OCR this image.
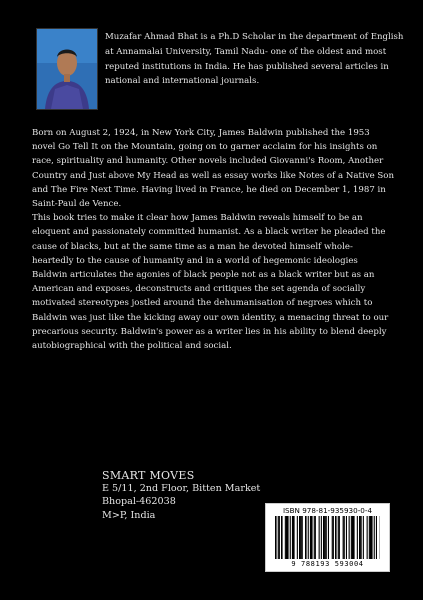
Muzafar Ahmad Bhat is a Ph.D Scholar in the department of English at Annamalai University, Tamil Nadu- one of the oldest and most reputed institutions in India. He has published several articles in national and international journals.

Born on August 2, 1924, in New York City, James Baldwin published the 1953 novel Go Tell It on the Mountain, going on to garner acclaim for his insights on race, spirituality and humanity. Other novels included Giovanni's Room, Another Country and Just above My Head as well as essay works like Notes of a Native Son and The Fire Next Time. Having lived in France, he died on December 1, 1987 in Saint-Paul de Vence.

This book tries to make it clear how James Baldwin reveals himself to be an eloquent and passionately committed humanist. As a black writer he pleaded the cause of blacks, but at the same time as a man he devoted himself whole-heartedly to the cause of humanity and in a world of hegemonic ideologies Baldwin articulates the agonies of black people not as a black writer but as an American and exposes, deconstructs and critiques the set agenda of socially motivated stereotypes jostled around the dehumanisation of negroes which to Baldwin was just like the kicking away our own identity, a menacing threat to our precarious security. Baldwin's power as a writer lies in his ability to blend deeply autobiographical with the political and social.

SMART MOVES
E 5/11, 2nd Floor, Bitten Market
Bhopal-462038
M>P, India	ISBN 978-81-935930-0-4
9 788193 593004
